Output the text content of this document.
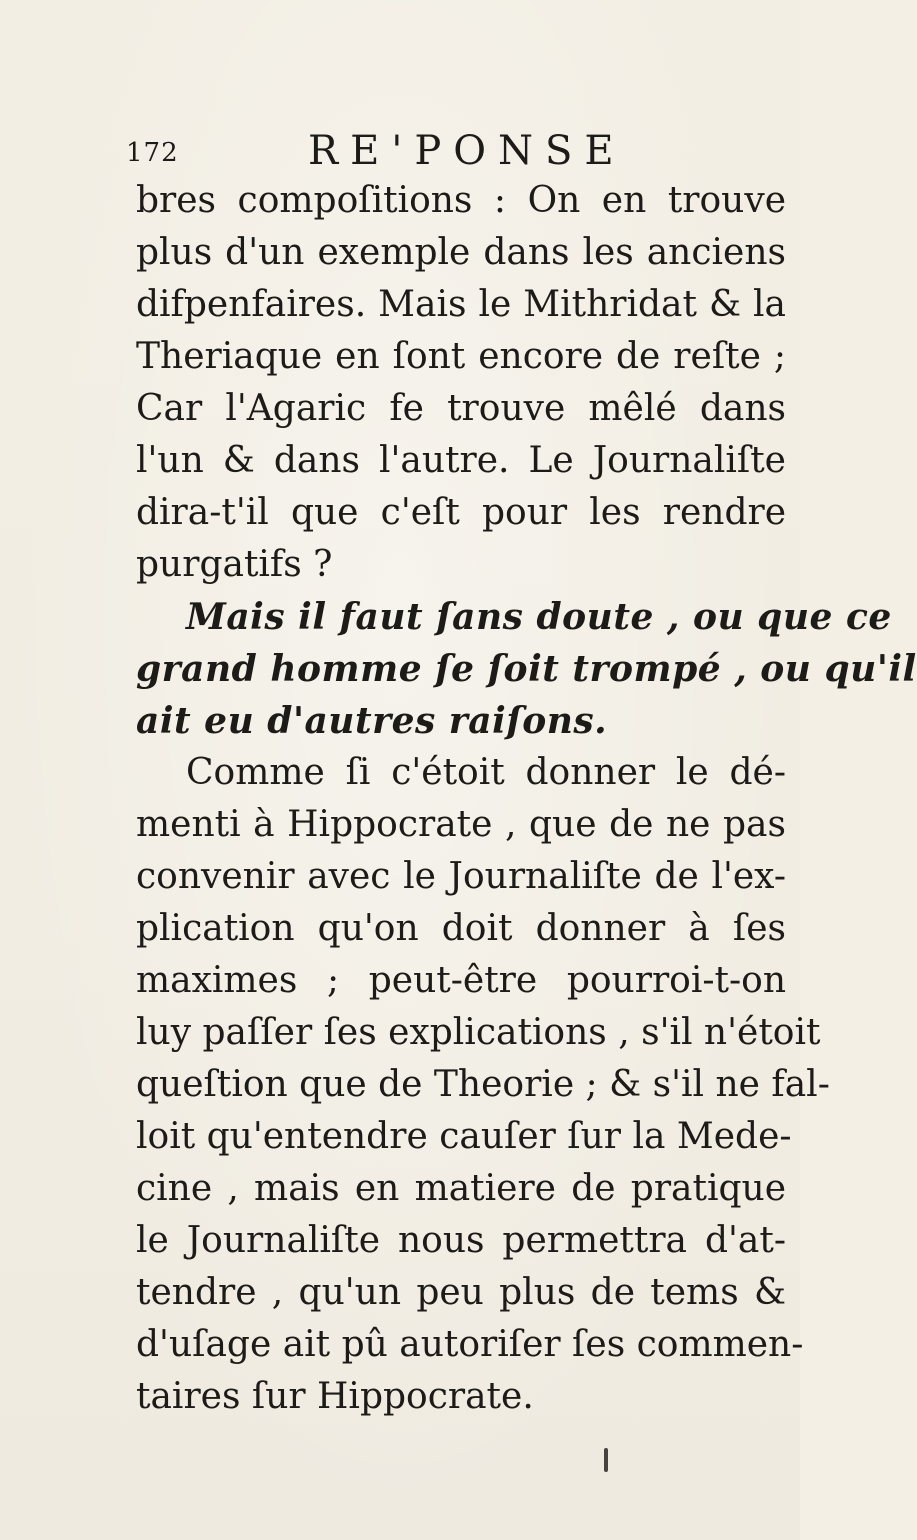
172	RE'PONSE
bres compoſitions : On en trouve
plus d'un exemple dans les anciens
difpenfaires. Mais le Mithridat & la
Theriaque en ſont encore de reſte ;
Car l'Agaric fe trouve mêlé dans
l'un & dans l'autre. Le Journaliſte
dira-t'il que c'eſt pour les rendre
purgatifs ?
Mais il faut ſans doute , ou que ce
grand homme ſe ſoit trompé , ou qu'il
ait eu d'autres raiſons.
Comme ſi c'étoit donner le dé-
menti à Hippocrate , que de ne pas
convenir avec le Journaliſte de l'ex-
plication qu'on doit donner à ſes
maximes ; peut-être pourroi-t-on
luy paſſer ſes explications , s'il n'étoit
queſtion que de Theorie ; & s'il ne fal-
loit qu'entendre cauſer ſur la Mede-
cine , mais en matiere de pratique
le Journaliſte nous permettra d'at-
tendre , qu'un peu plus de tems &
d'uſage ait pû autoriſer ſes commen-
taires ſur Hippocrate.
